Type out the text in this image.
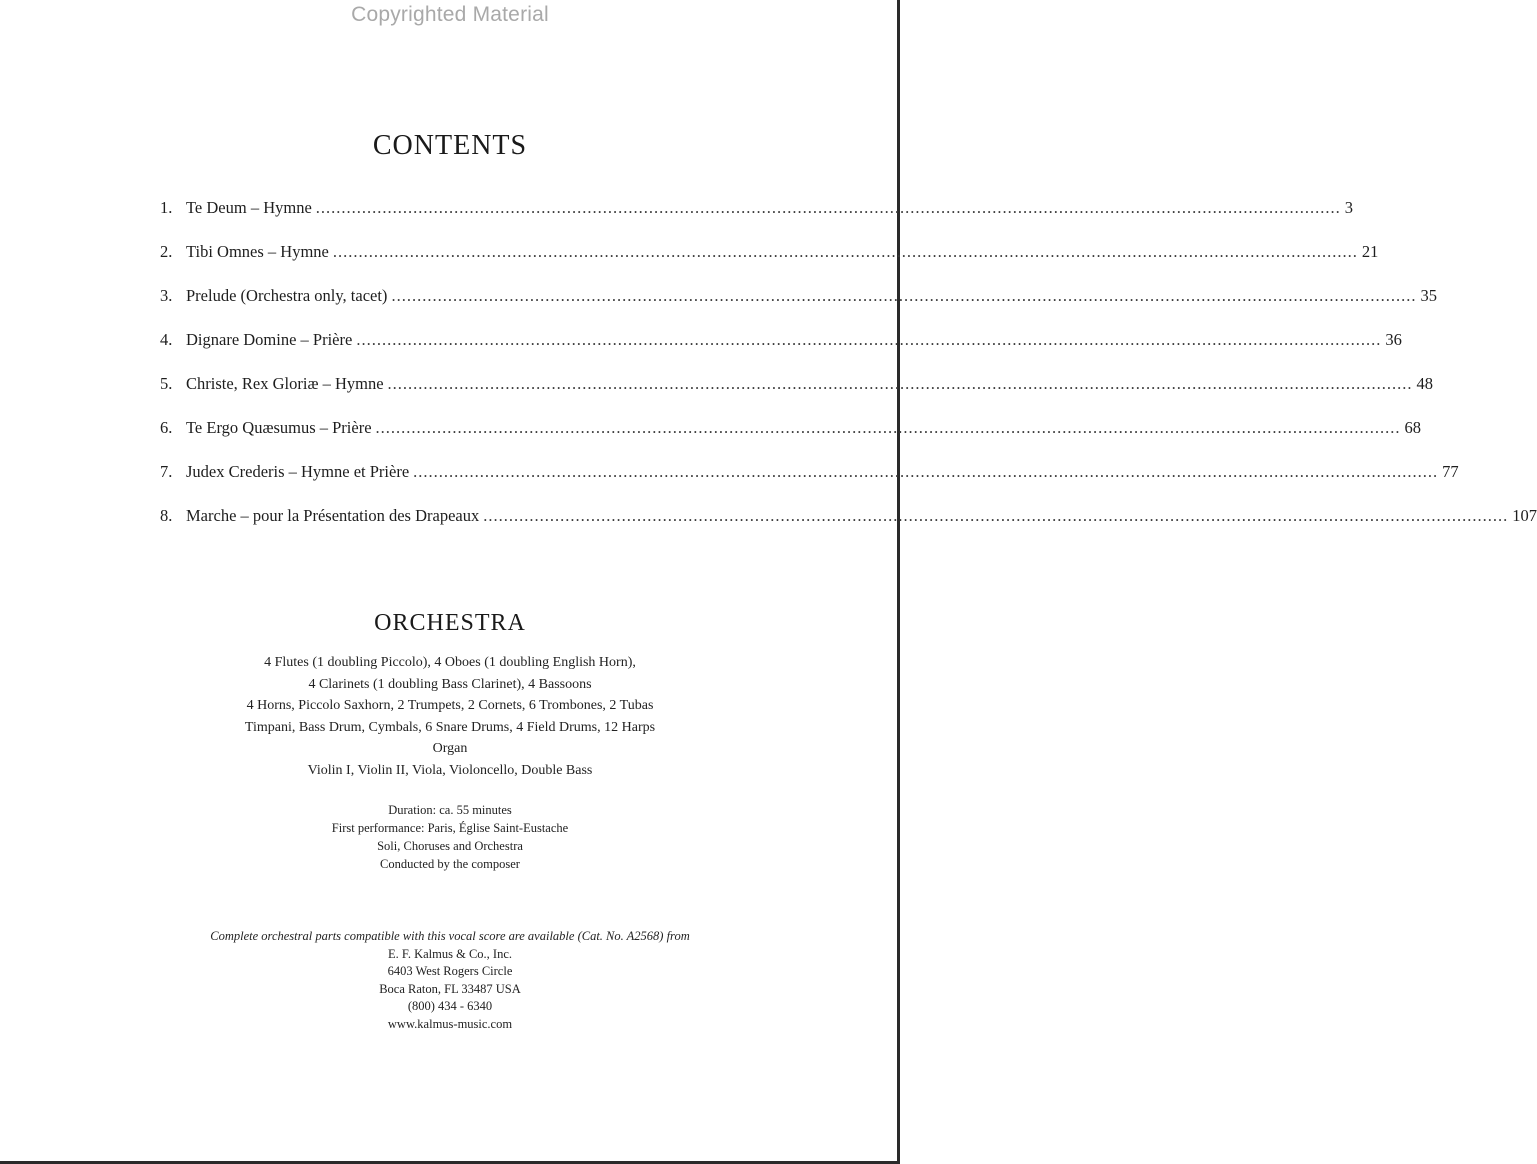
Copyrighted Material
CONTENTS
1. Te Deum – Hymne ........................................................................................................................................................................................................ 3
2. Tibi Omnes – Hymne ........................................................................................................................................................................................................ 21
3. Prelude (Orchestra only, tacet) ........................................................................................................................................................................................................ 35
4. Dignare Domine – Prière ........................................................................................................................................................................................................ 36
5. Christe, Rex Gloriæ – Hymne ........................................................................................................................................................................................................ 48
6. Te Ergo Quæsumus – Prière ........................................................................................................................................................................................................ 68
7. Judex Crederis – Hymne et Prière ........................................................................................................................................................................................................ 77
8. Marche – pour la Présentation des Drapeaux ........................................................................................................................................................................................................ 107
ORCHESTRA
4 Flutes (1 doubling Piccolo), 4 Oboes (1 doubling English Horn),
4 Clarinets (1 doubling Bass Clarinet), 4 Bassoons
4 Horns, Piccolo Saxhorn, 2 Trumpets, 2 Cornets, 6 Trombones, 2 Tubas
Timpani, Bass Drum, Cymbals, 6 Snare Drums, 4 Field Drums, 12 Harps
Organ
Violin I, Violin II, Viola, Violoncello, Double Bass
Duration: ca. 55 minutes
First performance: Paris, Église Saint-Eustache
Soli, Choruses and Orchestra
Conducted by the composer
Complete orchestral parts compatible with this vocal score are available (Cat. No. A2568) from
E. F. Kalmus & Co., Inc.
6403 West Rogers Circle
Boca Raton, FL 33487 USA
(800) 434 - 6340
www.kalmus-music.com
